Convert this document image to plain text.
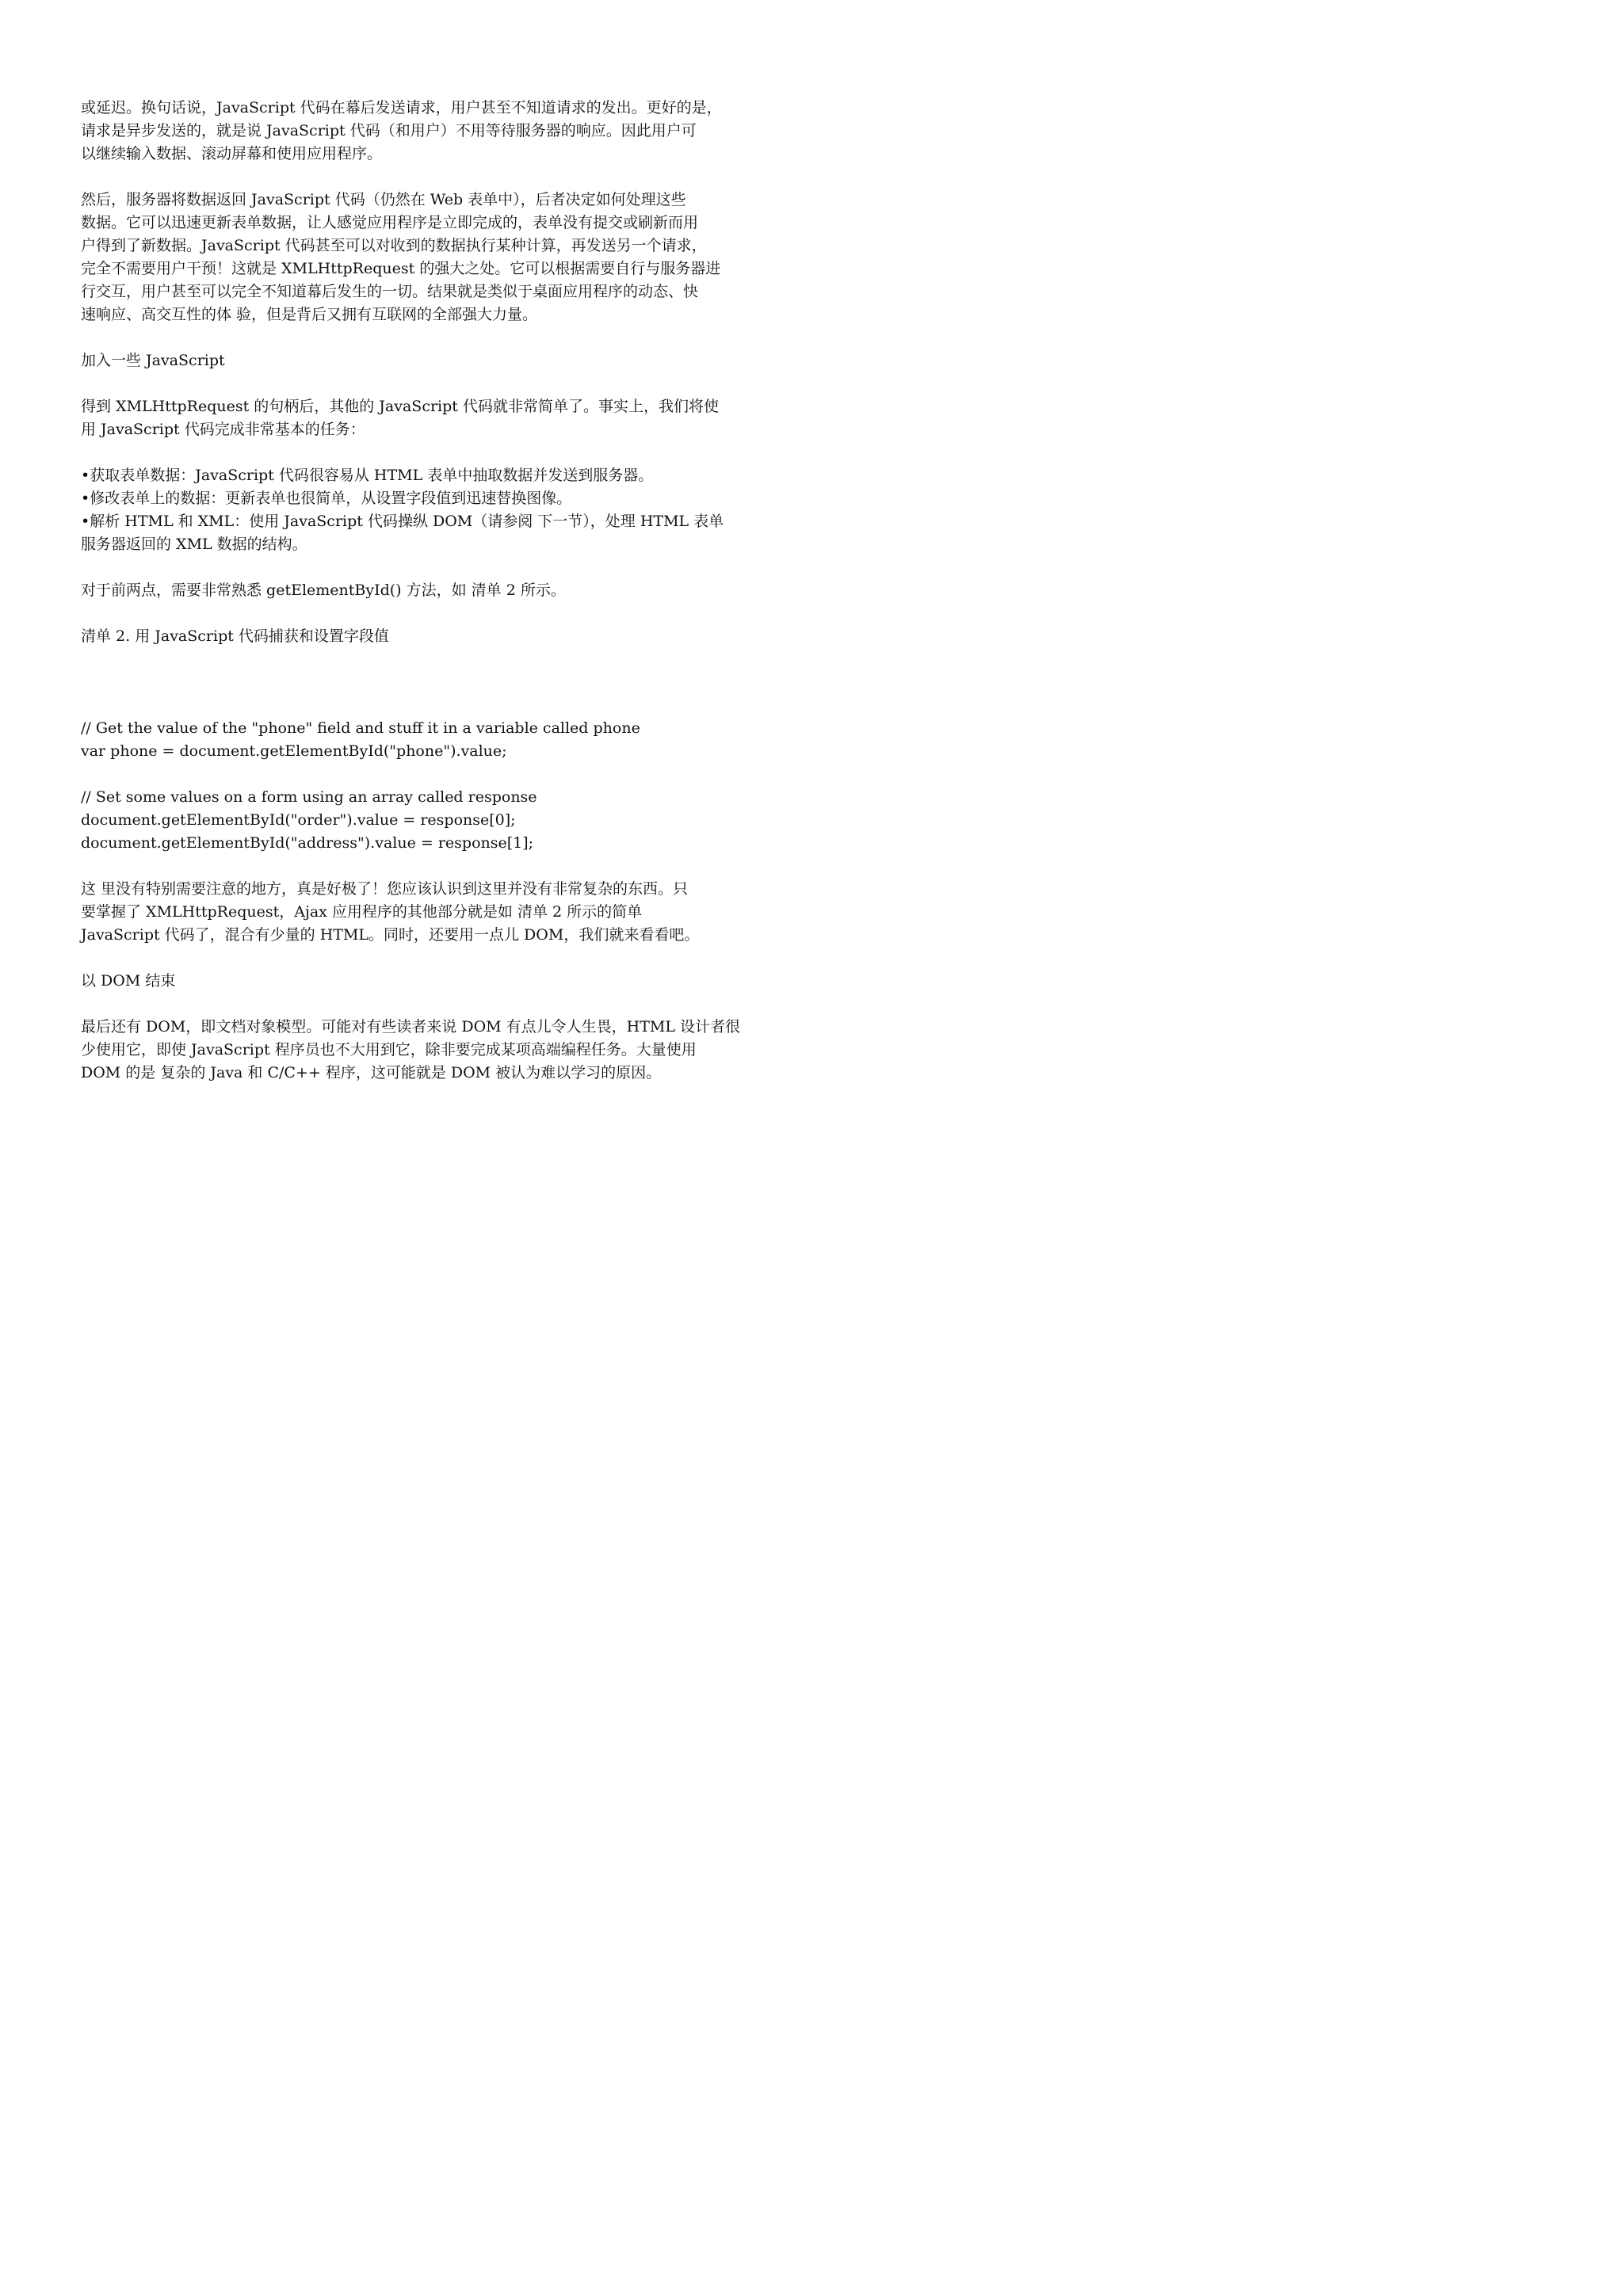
或延迟。换句话说，JavaScript 代码在幕后发送请求，用户甚至不知道请求的发出。更好的是，
请求是异步发送的，就是说 JavaScript 代码（和用户）不用等待服务器的响应。因此用户可
以继续输入数据、滚动屏幕和使用应用程序。

然后，服务器将数据返回 JavaScript 代码（仍然在 Web 表单中），后者决定如何处理这些
数据。它可以迅速更新表单数据，让人感觉应用程序是立即完成的，表单没有提交或刷新而用
户得到了新数据。JavaScript 代码甚至可以对收到的数据执行某种计算，再发送另一个请求，
完全不需要用户干预！这就是 XMLHttpRequest 的强大之处。它可以根据需要自行与服务器进
行交互，用户甚至可以完全不知道幕后发生的一切。结果就是类似于桌面应用程序的动态、快
速响应、高交互性的体 验，但是背后又拥有互联网的全部强大力量。

加入一些 JavaScript

得到 XMLHttpRequest 的句柄后，其他的 JavaScript 代码就非常简单了。事实上，我们将使
用 JavaScript 代码完成非常基本的任务：

•获取表单数据：JavaScript 代码很容易从 HTML 表单中抽取数据并发送到服务器。
•修改表单上的数据：更新表单也很简单，从设置字段值到迅速替换图像。
•解析 HTML 和 XML：使用 JavaScript 代码操纵 DOM（请参阅 下一节），处理 HTML 表单
服务器返回的 XML 数据的结构。

对于前两点，需要非常熟悉 getElementById() 方法，如 清单 2 所示。

清单 2. 用 JavaScript 代码捕获和设置字段值

// Get the value of the "phone" field and stuff it in a variable called phone
var phone = document.getElementById("phone").value;
// Set some values on a form using an array called response
document.getElementById("order").value = response[0];
document.getElementById("address").value = response[1];

这 里没有特别需要注意的地方，真是好极了！您应该认识到这里并没有非常复杂的东西。只
要掌握了 XMLHttpRequest，Ajax 应用程序的其他部分就是如 清单 2 所示的简单
JavaScript 代码了，混合有少量的 HTML。同时，还要用一点儿 DOM，我们就来看看吧。

以 DOM 结束

最后还有 DOM，即文档对象模型。可能对有些读者来说 DOM 有点儿令人生畏，HTML 设计者很
少使用它，即使 JavaScript 程序员也不大用到它，除非要完成某项高端编程任务。大量使用
DOM 的是 复杂的 Java 和 C/C++ 程序，这可能就是 DOM 被认为难以学习的原因。
